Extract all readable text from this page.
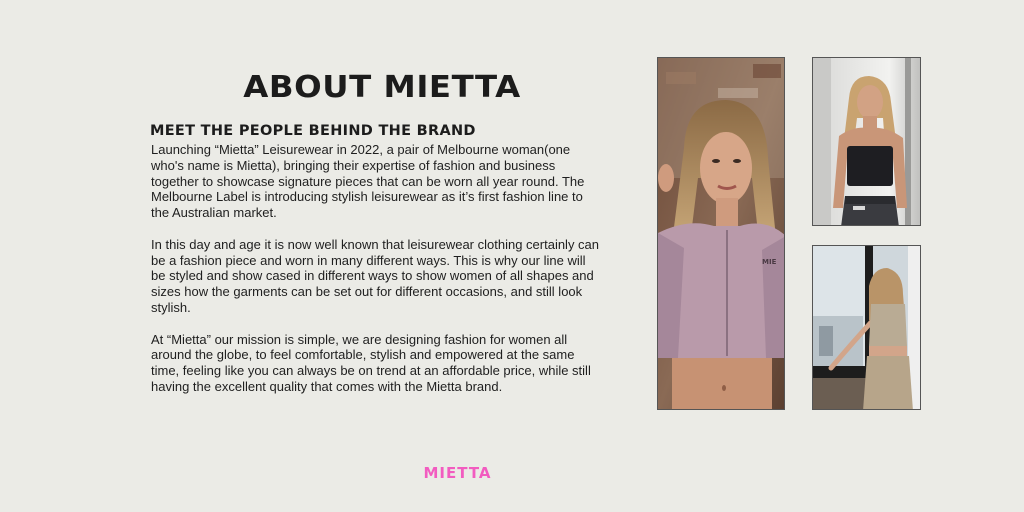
ABOUT MIETTA
MEET THE PEOPLE BEHIND THE BRAND

Launching “Mietta” Leisurewear in 2022, a pair of Melbourne woman(one who's name is Mietta), bringing their expertise of fashion and business together to showcase signature pieces that can be worn all year round. The Melbourne Label is introducing stylish leisurewear as it’s first fashion line to the Australian market.

In this day and age it is now well known that leisurewear clothing certainly can be a fashion piece and worn in many different ways. This is why our line will be styled and show cased in different ways to show women of all shapes and sizes how the garments can be set out for different occasions, and still look stylish.

At “Mietta” our mission is simple, we are designing fashion for women all around the globe, to feel comfortable, stylish and empowered at the same time, feeling like you can always be on trend at an affordable price, while still having the excellent quality that comes with the Mietta brand.

MIE
MIETTA
